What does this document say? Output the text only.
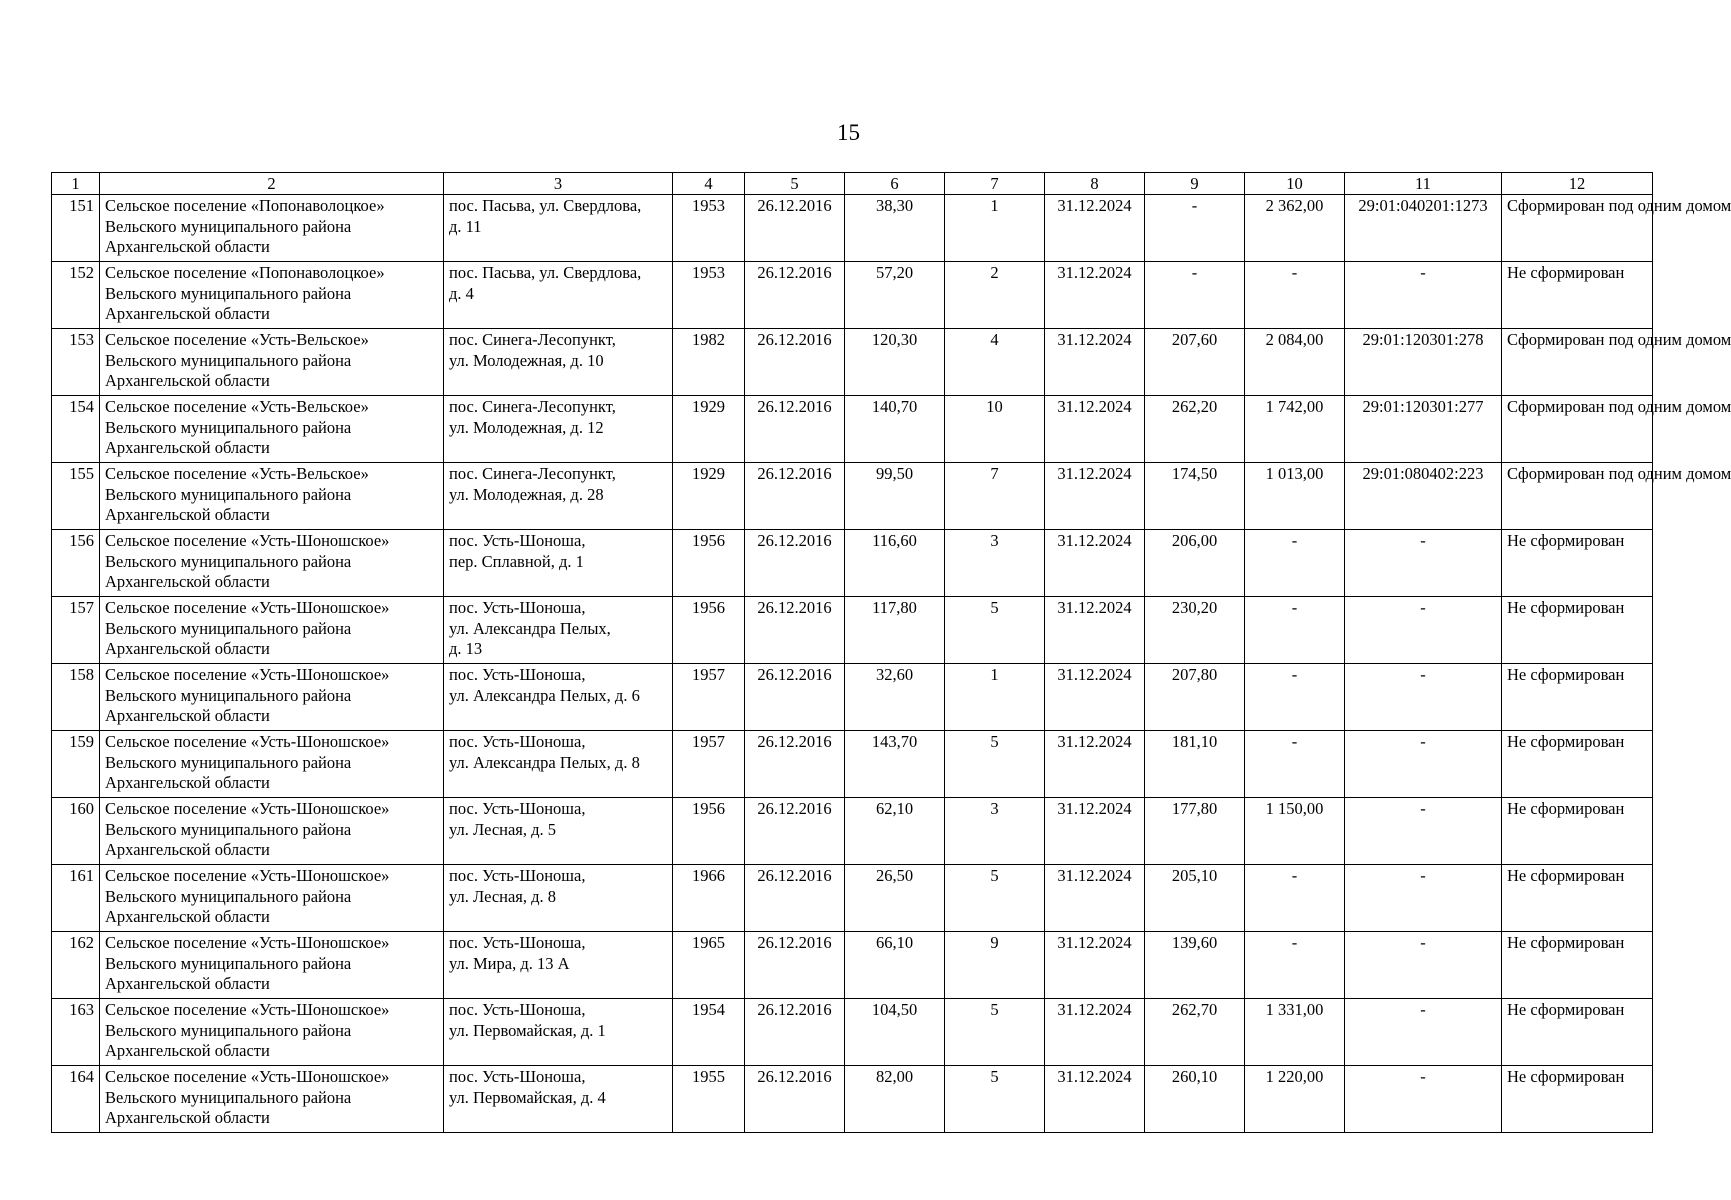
15
1	2	3	4	5	6	7	8	9	10	11	12
151	Сельское поселение «Попонаволоцкое»
Вельского муниципального района
Архангельской области	пос. Пасьва, ул. Свердлова,
д. 11	1953	26.12.2016	38,30	1	31.12.2024	-	2 362,00	29:01:040201:1273	Сформирован под одним домом
152	Сельское поселение «Попонаволоцкое»
Вельского муниципального района
Архангельской области	пос. Пасьва, ул. Свердлова,
д. 4	1953	26.12.2016	57,20	2	31.12.2024	-	-	-	Не сформирован
153	Сельское поселение «Усть-Вельское»
Вельского муниципального района
Архангельской области	пос. Синега-Лесопункт,
ул. Молодежная, д. 10	1982	26.12.2016	120,30	4	31.12.2024	207,60	2 084,00	29:01:120301:278	Сформирован под одним домом
154	Сельское поселение «Усть-Вельское»
Вельского муниципального района
Архангельской области	пос. Синега-Лесопункт,
ул. Молодежная, д. 12	1929	26.12.2016	140,70	10	31.12.2024	262,20	1 742,00	29:01:120301:277	Сформирован под одним домом
155	Сельское поселение «Усть-Вельское»
Вельского муниципального района
Архангельской области	пос. Синега-Лесопункт,
ул. Молодежная, д. 28	1929	26.12.2016	99,50	7	31.12.2024	174,50	1 013,00	29:01:080402:223	Сформирован под одним домом
156	Сельское поселение «Усть-Шоношское»
Вельского муниципального района
Архангельской области	пос. Усть-Шоноша,
пер. Сплавной, д. 1	1956	26.12.2016	116,60	3	31.12.2024	206,00	-	-	Не сформирован
157	Сельское поселение «Усть-Шоношское»
Вельского муниципального района
Архангельской области	пос. Усть-Шоноша,
ул. Александра Пелых,
д. 13	1956	26.12.2016	117,80	5	31.12.2024	230,20	-	-	Не сформирован
158	Сельское поселение «Усть-Шоношское»
Вельского муниципального района
Архангельской области	пос. Усть-Шоноша,
ул. Александра Пелых, д. 6	1957	26.12.2016	32,60	1	31.12.2024	207,80	-	-	Не сформирован
159	Сельское поселение «Усть-Шоношское»
Вельского муниципального района
Архангельской области	пос. Усть-Шоноша,
ул. Александра Пелых, д. 8	1957	26.12.2016	143,70	5	31.12.2024	181,10	-	-	Не сформирован
160	Сельское поселение «Усть-Шоношское»
Вельского муниципального района
Архангельской области	пос. Усть-Шоноша,
ул. Лесная, д. 5	1956	26.12.2016	62,10	3	31.12.2024	177,80	1 150,00	-	Не сформирован
161	Сельское поселение «Усть-Шоношское»
Вельского муниципального района
Архангельской области	пос. Усть-Шоноша,
ул. Лесная, д. 8	1966	26.12.2016	26,50	5	31.12.2024	205,10	-	-	Не сформирован
162	Сельское поселение «Усть-Шоношское»
Вельского муниципального района
Архангельской области	пос. Усть-Шоноша,
ул. Мира, д. 13 А	1965	26.12.2016	66,10	9	31.12.2024	139,60	-	-	Не сформирован
163	Сельское поселение «Усть-Шоношское»
Вельского муниципального района
Архангельской области	пос. Усть-Шоноша,
ул. Первомайская, д. 1	1954	26.12.2016	104,50	5	31.12.2024	262,70	1 331,00	-	Не сформирован
164	Сельское поселение «Усть-Шоношское»
Вельского муниципального района
Архангельской области	пос. Усть-Шоноша,
ул. Первомайская, д. 4	1955	26.12.2016	82,00	5	31.12.2024	260,10	1 220,00	-	Не сформирован
